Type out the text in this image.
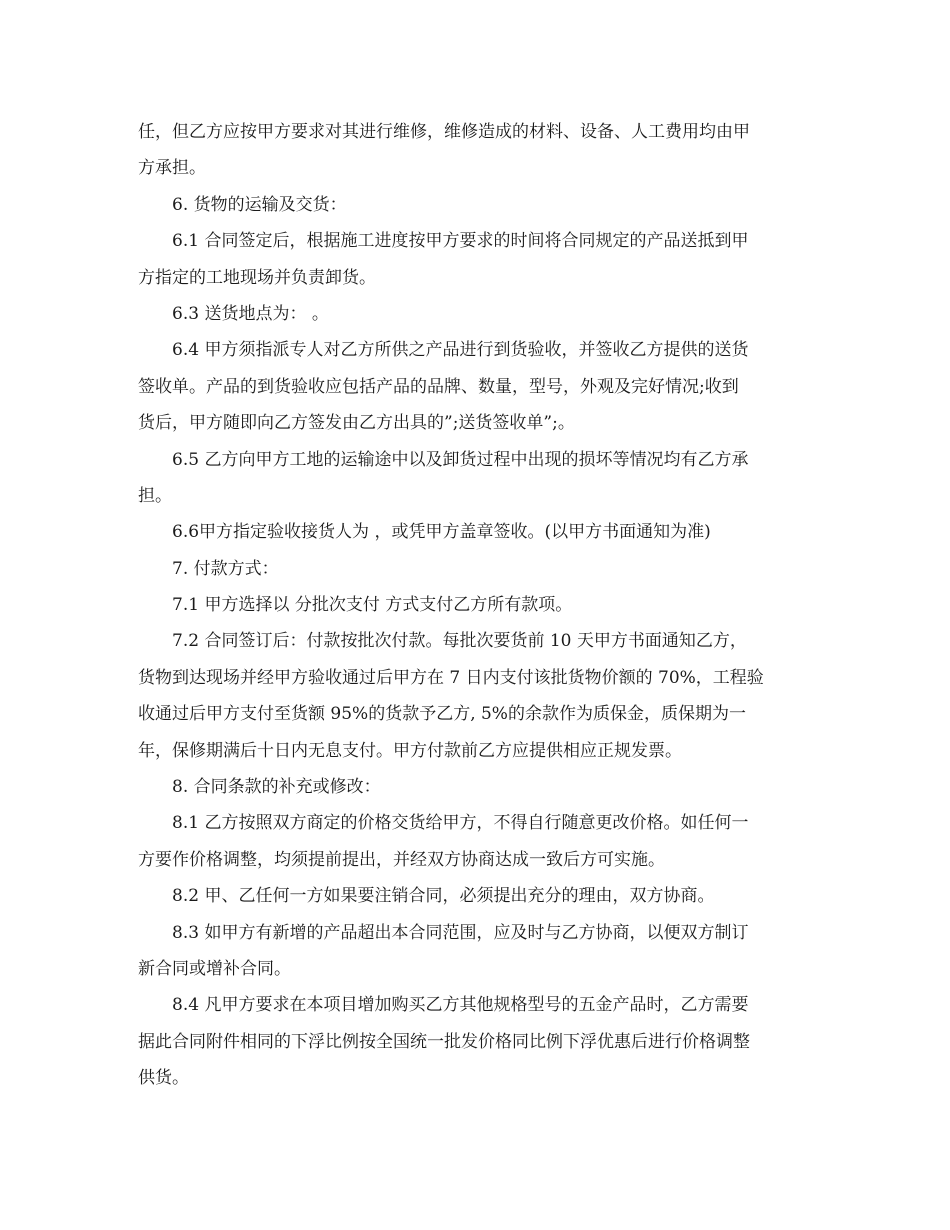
任，但乙方应按甲方要求对其进行维修，维修造成的材料、设备、人工费用均由甲
方承担。
6. 货物的运输及交货：
6.1 合同签定后，根据施工进度按甲方要求的时间将合同规定的产品送抵到甲
方指定的工地现场并负责卸货。
6.3 送货地点为： 。
6.4 甲方须指派专人对乙方所供之产品进行到货验收，并签收乙方提供的送货
签收单。产品的到货验收应包括产品的品牌、数量，型号，外观及完好情况;收到
货后，甲方随即向乙方签发由乙方出具的”;送货签收单”;。
6.5 乙方向甲方工地的运输途中以及卸货过程中出现的损坏等情况均有乙方承
担。
6.6甲方指定验收接货人为 ，或凭甲方盖章签收。(以甲方书面通知为准)
7. 付款方式：
7.1 甲方选择以 分批次支付 方式支付乙方所有款项。
7.2 合同签订后：付款按批次付款。每批次要货前 10 天甲方书面通知乙方，
货物到达现场并经甲方验收通过后甲方在 7 日内支付该批货物价额的 70%，工程验
收通过后甲方支付至货额 95%的货款予乙方, 5%的余款作为质保金，质保期为一
年，保修期满后十日内无息支付。甲方付款前乙方应提供相应正规发票。
8. 合同条款的补充或修改：
8.1 乙方按照双方商定的价格交货给甲方，不得自行随意更改价格。如任何一
方要作价格调整，均须提前提出，并经双方协商达成一致后方可实施。
8.2 甲、乙任何一方如果要注销合同，必须提出充分的理由，双方协商。
8.3 如甲方有新增的产品超出本合同范围，应及时与乙方协商，以便双方制订
新合同或增补合同。
8.4 凡甲方要求在本项目增加购买乙方其他规格型号的五金产品时，乙方需要
据此合同附件相同的下浮比例按全国统一批发价格同比例下浮优惠后进行价格调整
供货。
